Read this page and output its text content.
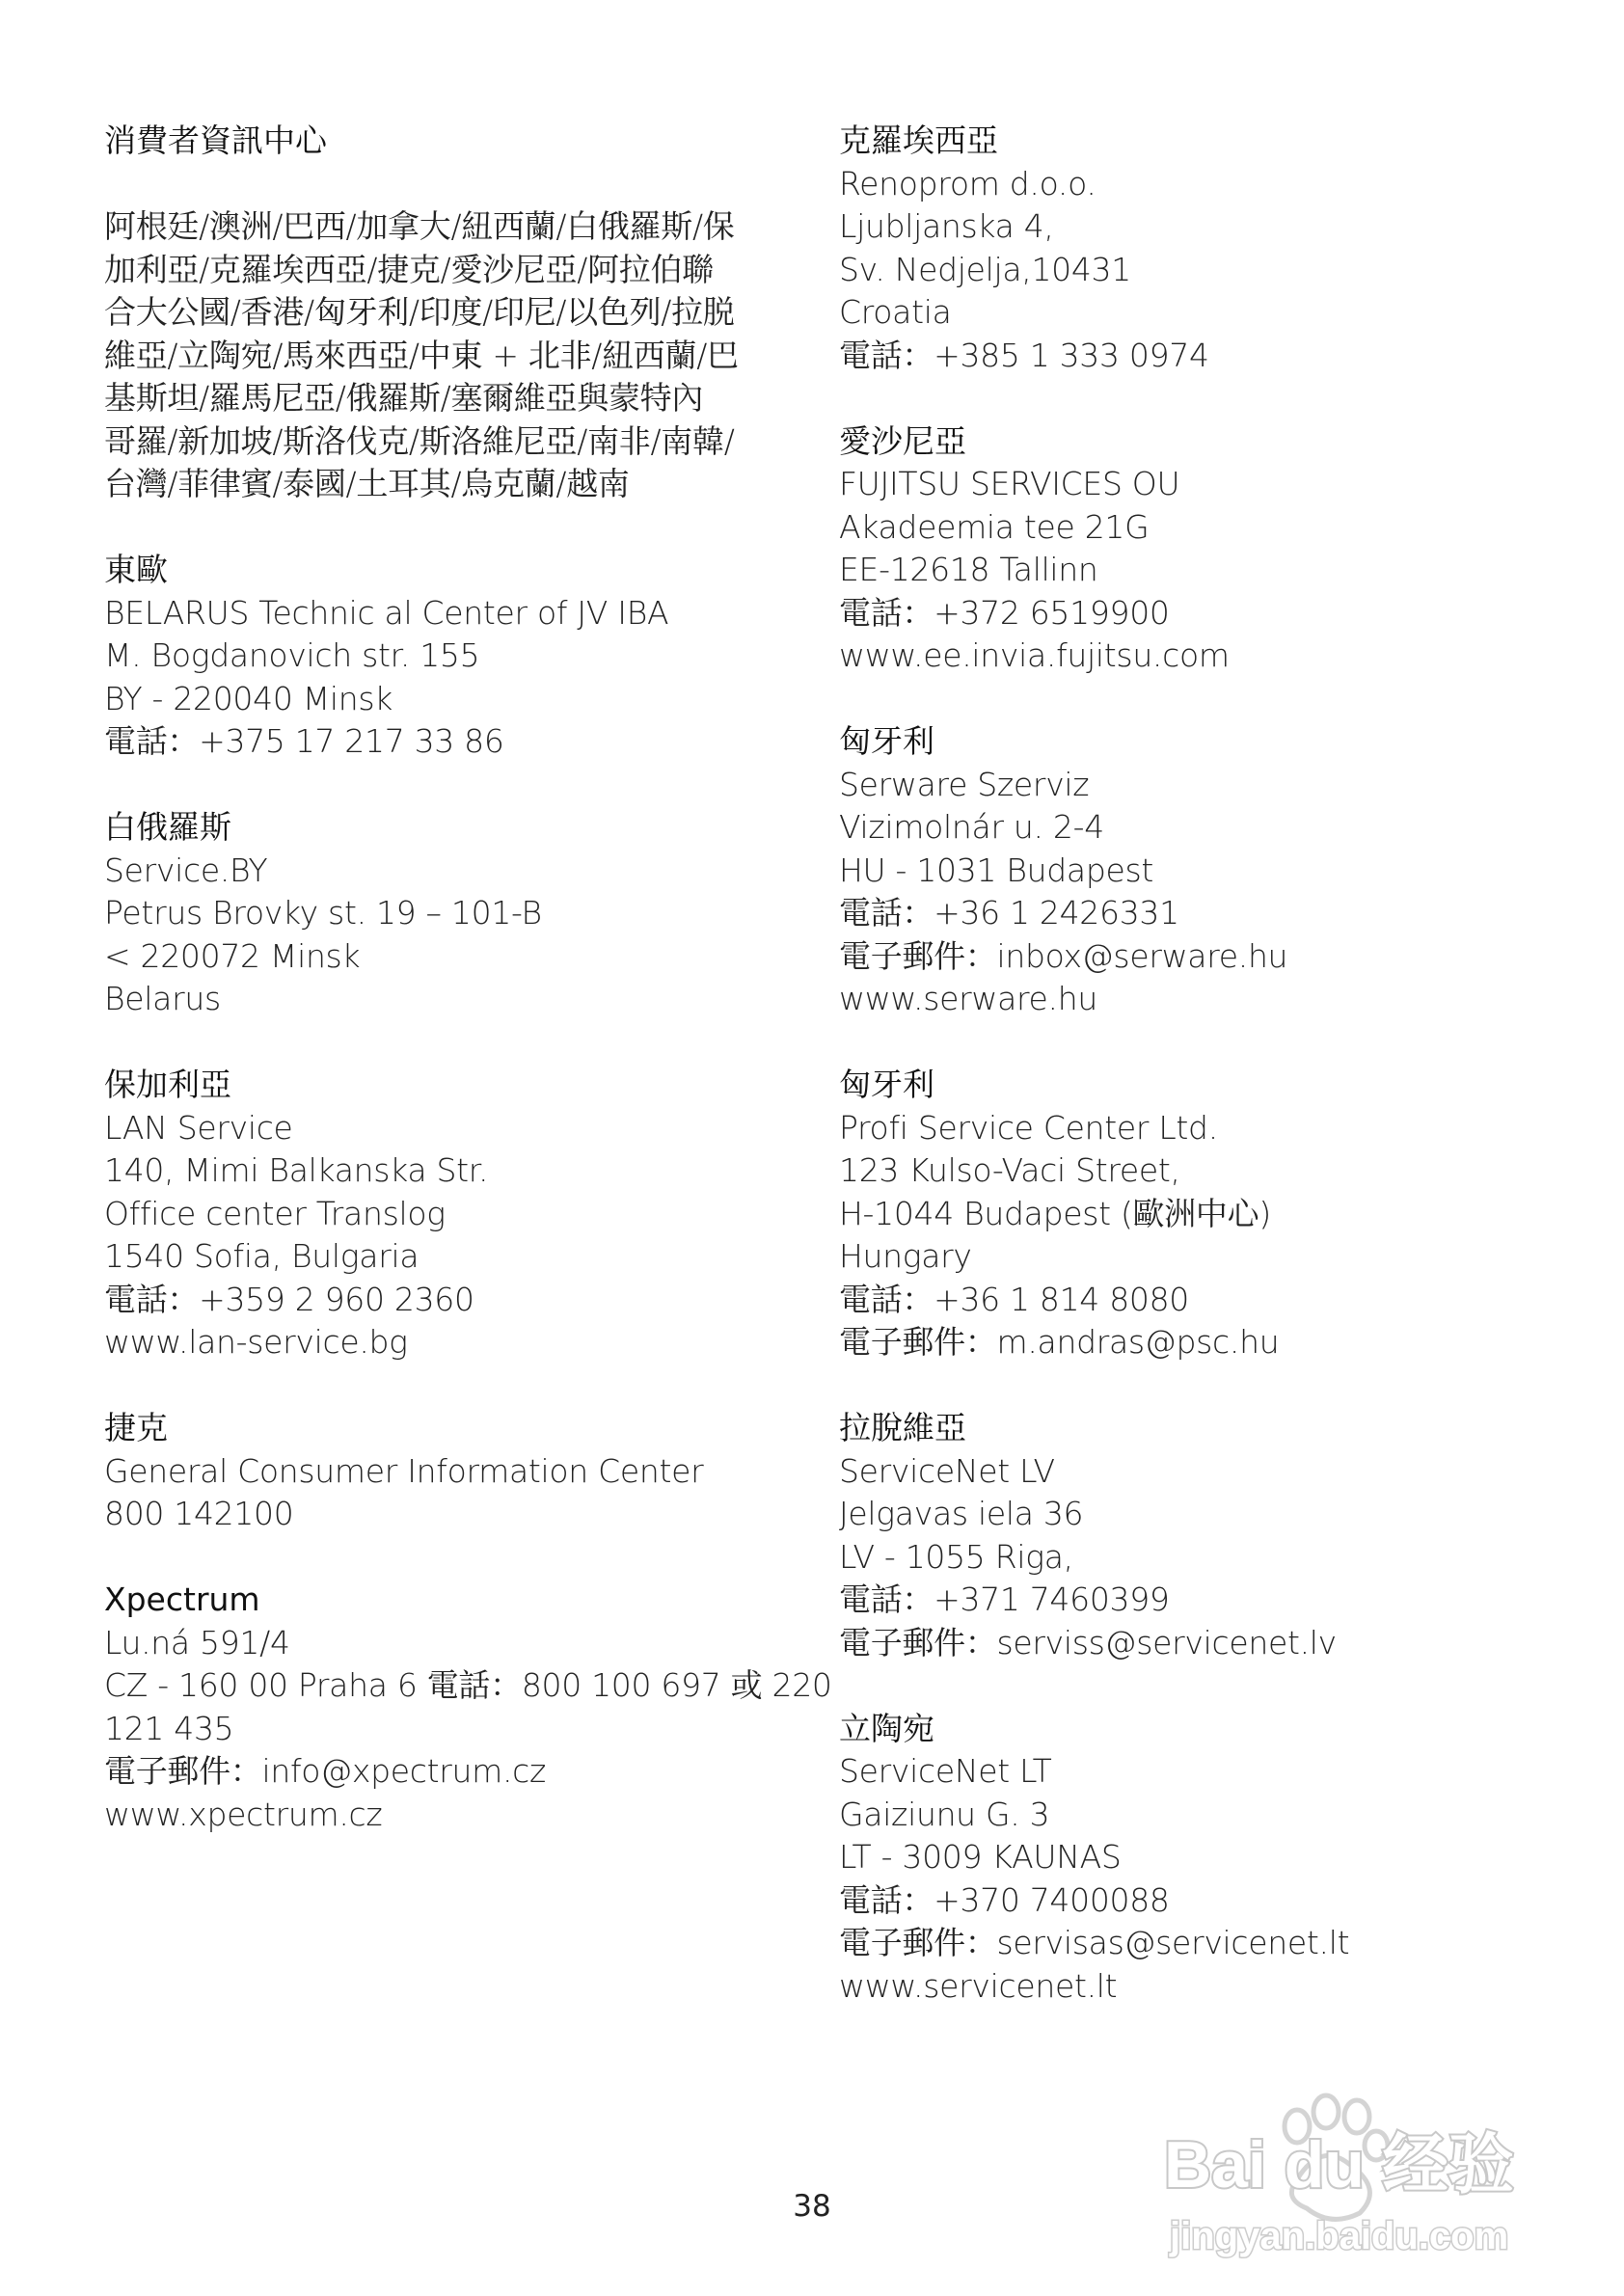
消費者資訊中心
阿根廷/澳洲/巴西/加拿大/紐西蘭/白俄羅斯/保
加利亞/克羅埃西亞/捷克/愛沙尼亞/阿拉伯聯
合大公國/香港/匈牙利/印度/印尼/以色列/拉脱
維亞/立陶宛/馬來西亞/中東 + 北非/紐西蘭/巴
基斯坦/羅馬尼亞/俄羅斯/塞爾維亞與蒙特內
哥羅/新加坡/斯洛伐克/斯洛維尼亞/南非/南韓/
台灣/菲律賓/泰國/土耳其/烏克蘭/越南
東歐
BELARUS Technic al Center of JV IBA
M. Bogdanovich str. 155
BY - 220040 Minsk
電話：+375 17 217 33 86
白俄羅斯
Service.BY
Petrus Brovky st. 19 – 101-B
< 220072 Minsk
Belarus
保加利亞
LAN Service
140, Mimi Balkanska Str.
Office center Translog
1540 Sofia, Bulgaria
電話：+359 2 960 2360
www.lan-service.bg
捷克
General Consumer Information Center
800 142100
Xpectrum
Lu.ná 591/4
CZ - 160 00 Praha 6 電話：800 100 697 或 220
121 435
電子郵件：info@xpectrum.cz
www.xpectrum.cz
克羅埃西亞
Renoprom d.o.o.
Ljubljanska 4,
Sv. Nedjelja,10431
Croatia
電話：+385 1 333 0974
愛沙尼亞
FUJITSU SERVICES OU
Akadeemia tee 21G
EE-12618 Tallinn
電話：+372 6519900
www.ee.invia.fujitsu.com
匈牙利
Serware Szerviz
Vizimolnár u. 2-4
HU - 1031 Budapest
電話：+36 1 2426331
電子郵件：inbox@serware.hu
www.serware.hu
匈牙利
Profi Service Center Ltd.
123 Kulso-Vaci Street,
H-1044 Budapest (歐洲中心)
Hungary
電話：+36 1 814 8080
電子郵件：m.andras@psc.hu
拉脫維亞
ServiceNet LV
Jelgavas iela 36
LV - 1055 Riga,
電話：+371 7460399
電子郵件：serviss@servicenet.lv
立陶宛
ServiceNet LT
Gaiziunu G. 3
LT - 3009 KAUNAS
電話：+370 7400088
電子郵件：servisas@servicenet.lt
www.servicenet.lt
38
Bai du 经验
jingyan.baidu.com
